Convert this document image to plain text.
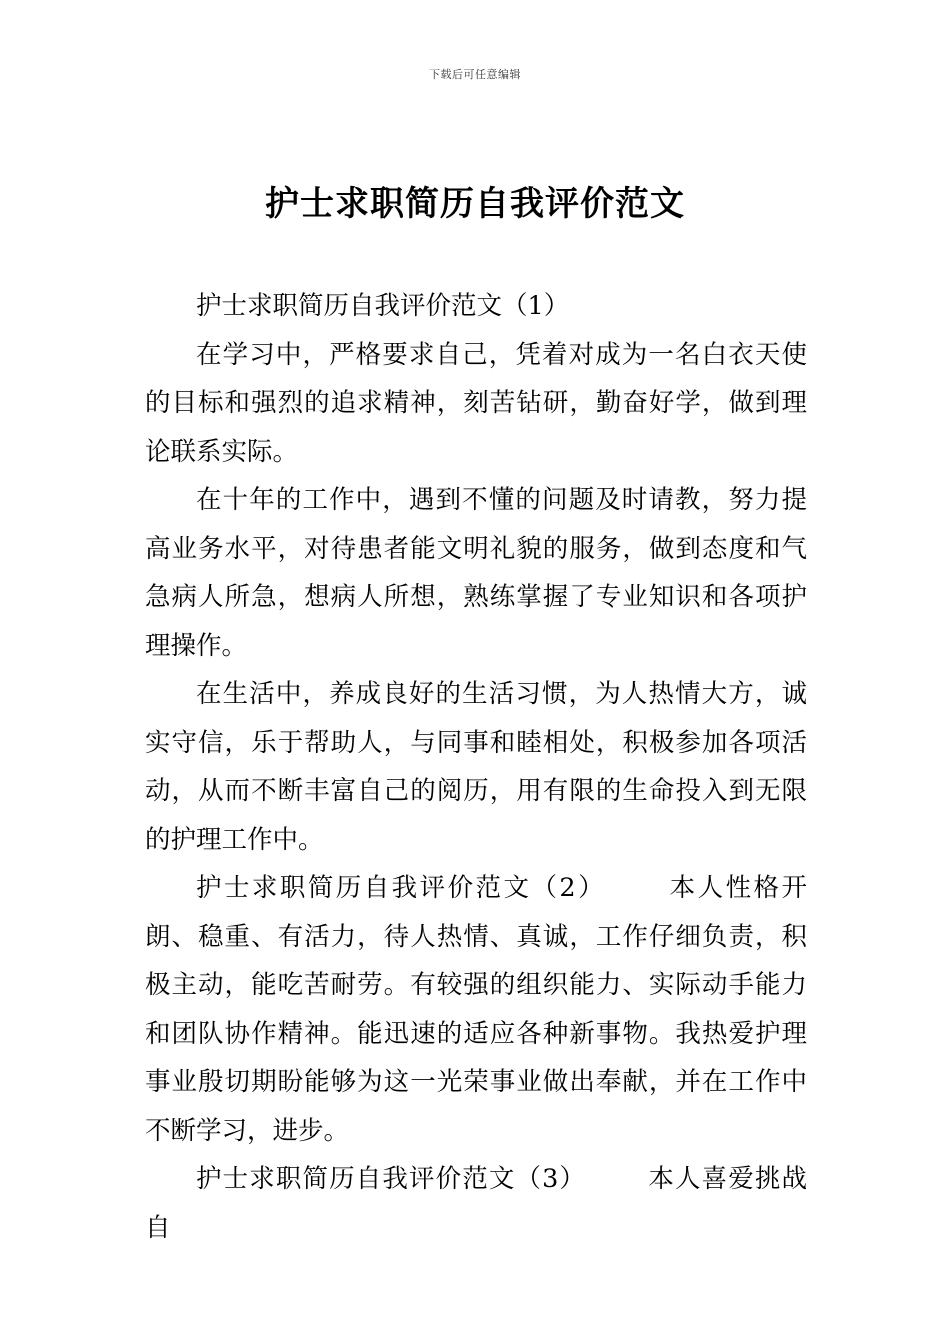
下载后可任意编辑
护士求职简历自我评价范文

护士求职简历自我评价范文（1）

在学习中，严格要求自己，凭着对成为一名白衣天使的目标和强烈的追求精神，刻苦钻研，勤奋好学，做到理论联系实际。

在十年的工作中，遇到不懂的问题及时请教，努力提高业务水平，对待患者能文明礼貌的服务，做到态度和气急病人所急，想病人所想，熟练掌握了专业知识和各项护理操作。

在生活中，养成良好的生活习惯，为人热情大方，诚实守信，乐于帮助人，与同事和睦相处，积极参加各项活动，从而不断丰富自己的阅历，用有限的生命投入到无限的护理工作中。

护士求职简历自我评价范文（2） 本人性格开朗、稳重、有活力，待人热情、真诚，工作仔细负责，积极主动，能吃苦耐劳。有较强的组织能力、实际动手能力和团队协作精神。能迅速的适应各种新事物。我热爱护理事业殷切期盼能够为这一光荣事业做出奉献，并在工作中不断学习，进步。

护士求职简历自我评价范文（3） 本人喜爱挑战自
